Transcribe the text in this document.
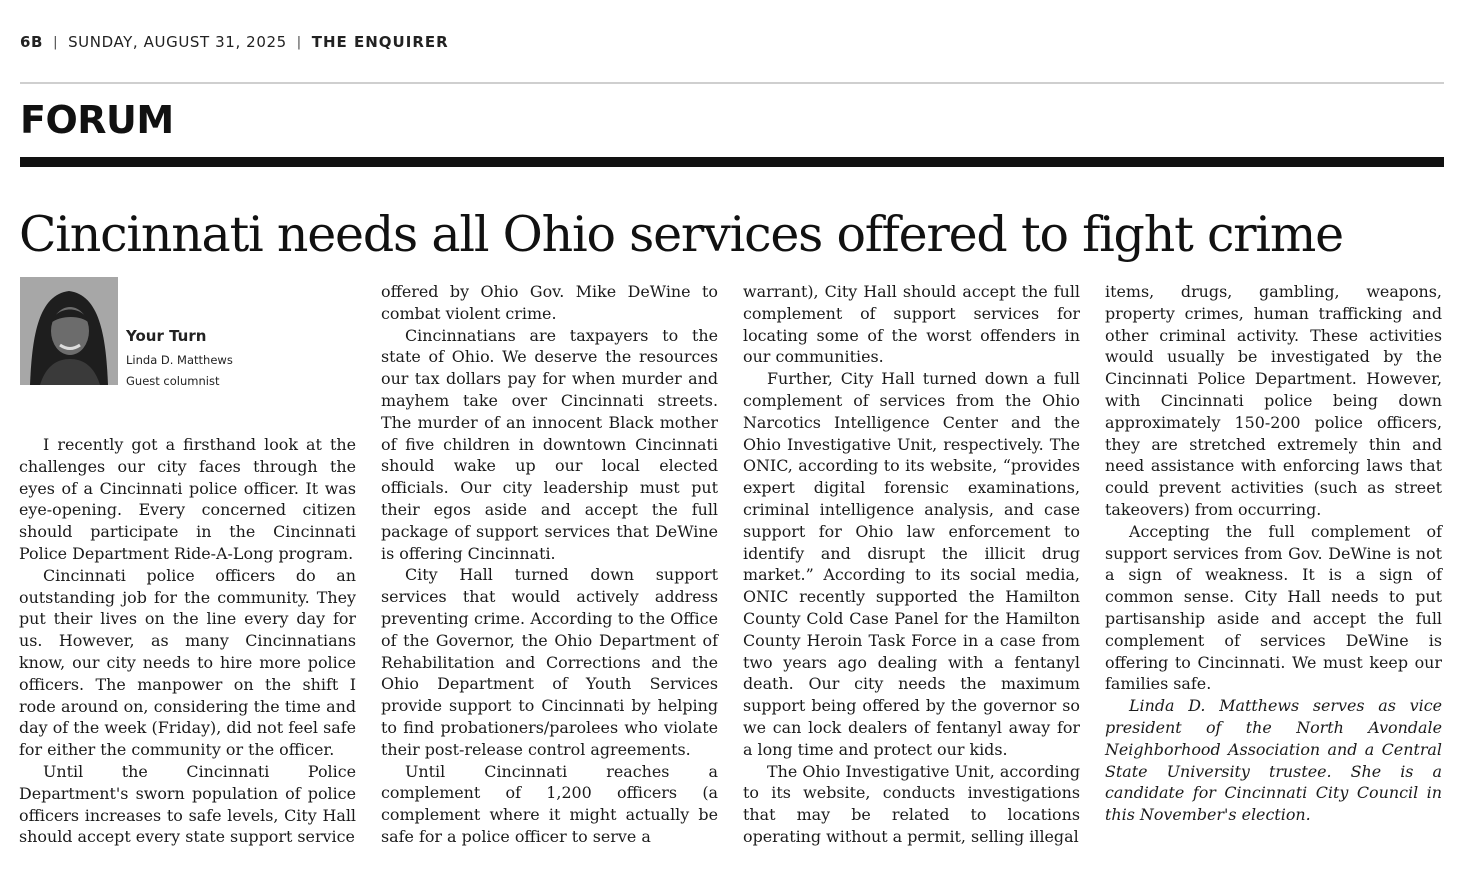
6B | SUNDAY, AUGUST 31, 2025 | THE ENQUIRER
FORUM
Cincinnati needs all Ohio services offered to fight crime
Your Turn
Linda D. Matthews
Guest columnist

I recently got a firsthand look at the challenges our city faces through the eyes of a Cincinnati police officer. It was eye-opening. Every concerned citizen should participate in the Cincinnati Police Department Ride-A-Long program.

Cincinnati police officers do an outstanding job for the community. They put their lives on the line every day for us. However, as many Cincinnatians know, our city needs to hire more police officers. The manpower on the shift I rode around on, considering the time and day of the week (Friday), did not feel safe for either the community or the officer.

Until the Cincinnati Police Department's sworn population of police officers increases to safe levels, City Hall should accept every state support service

offered by Ohio Gov. Mike DeWine to combat violent crime.

Cincinnatians are taxpayers to the state of Ohio. We deserve the resources our tax dollars pay for when murder and mayhem take over Cincinnati streets. The murder of an innocent Black mother of five children in downtown Cincinnati should wake up our local elected officials. Our city leadership must put their egos aside and accept the full package of support services that DeWine is offering Cincinnati.

City Hall turned down support services that would actively address preventing crime. According to the Office of the Governor, the Ohio Department of Rehabilitation and Corrections and the Ohio Department of Youth Services provide support to Cincinnati by helping to find probationers/parolees who violate their post-release control agreements.

Until Cincinnati reaches a complement of 1,200 officers (a complement where it might actually be safe for a police officer to serve a

warrant), City Hall should accept the full complement of support services for locating some of the worst offenders in our communities.

Further, City Hall turned down a full complement of services from the Ohio Narcotics Intelligence Center and the Ohio Investigative Unit, respectively. The ONIC, according to its website, “provides expert digital forensic examinations, criminal intelligence analysis, and case support for Ohio law enforcement to identify and disrupt the illicit drug market.” According to its social media, ONIC recently supported the Hamilton County Cold Case Panel for the Hamilton County Heroin Task Force in a case from two years ago dealing with a fentanyl death. Our city needs the maximum support being offered by the governor so we can lock dealers of fentanyl away for a long time and protect our kids.

The Ohio Investigative Unit, according to its website, conducts investigations that may be related to locations operating without a permit, selling illegal

items, drugs, gambling, weapons, property crimes, human trafficking and other criminal activity. These activities would usually be investigated by the Cincinnati Police Department. However, with Cincinnati police being down approximately 150-200 police officers, they are stretched extremely thin and need assistance with enforcing laws that could prevent activities (such as street takeovers) from occurring.

Accepting the full complement of support services from Gov. DeWine is not a sign of weakness. It is a sign of common sense. City Hall needs to put partisanship aside and accept the full complement of services DeWine is offering to Cincinnati. We must keep our families safe.

Linda D. Matthews serves as vice president of the North Avondale Neighborhood Association and a Central State University trustee. She is a candidate for Cincinnati City Council in this November's election.
